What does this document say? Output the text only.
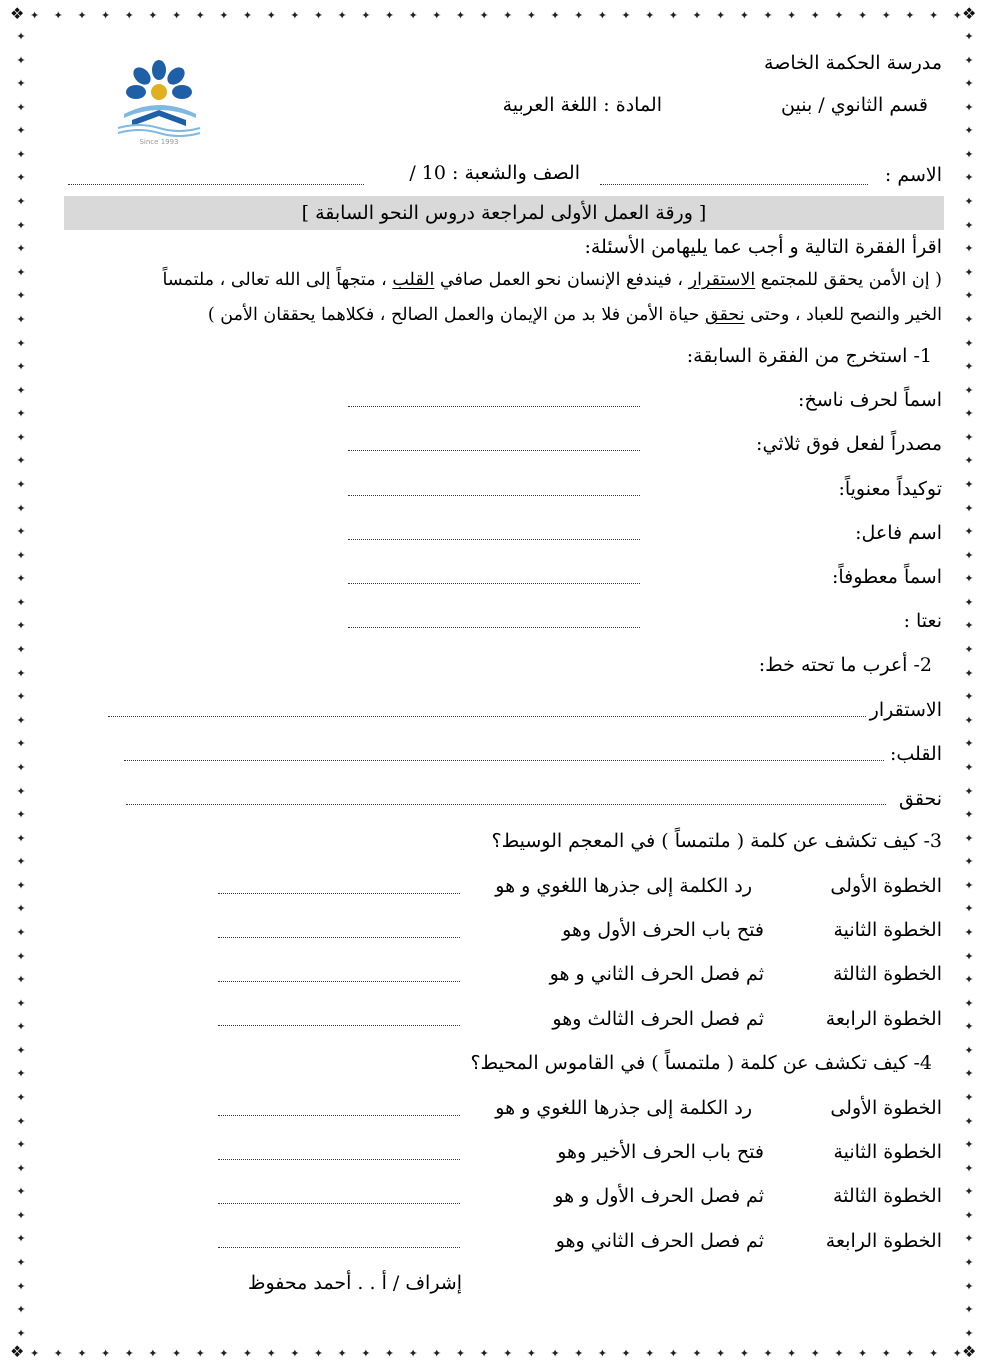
✦ ✦ ✦ ✦ ✦ ✦ ✦ ✦ ✦ ✦ ✦ ✦ ✦ ✦ ✦ ✦ ✦ ✦ ✦ ✦ ✦ ✦ ✦ ✦ ✦ ✦ ✦ ✦ ✦ ✦ ✦ ✦ ✦ ✦ ✦ ✦ ✦ ✦ ✦ ✦
✦ ✦ ✦ ✦ ✦ ✦ ✦ ✦ ✦ ✦ ✦ ✦ ✦ ✦ ✦ ✦ ✦ ✦ ✦ ✦ ✦ ✦ ✦ ✦ ✦ ✦ ✦ ✦ ✦ ✦ ✦ ✦ ✦ ✦ ✦ ✦ ✦ ✦ ✦ ✦
✦
✦
✦
✦
✦
✦
✦
✦
✦
✦
✦
✦
✦
✦
✦
✦
✦
✦
✦
✦
✦
✦
✦
✦
✦
✦
✦
✦
✦
✦
✦
✦
✦
✦
✦
✦
✦
✦
✦
✦
✦
✦
✦
✦
✦
✦
✦
✦
✦
✦
✦
✦
✦
✦
✦
✦
✦
✦
✦
✦
✦
✦
✦
✦
✦
✦
✦
✦
✦
✦
✦
✦
✦
✦
✦
✦
✦
✦
✦
✦
✦
✦
✦
✦
✦
✦
✦
✦
✦
✦
✦
✦
✦
✦
✦
✦
✦
✦
✦
✦
✦
✦
✦
✦
✦
✦
✦
✦
✦
✦
✦
✦
❖	❖
❖	❖
Since 1993
مدرسة الحكمة الخاصة
قسم الثانوي / بنين
المادة : اللغة العربية
الاسم :
الصف والشعبة : 10 /
[ ورقة العمل الأولى لمراجعة دروس النحو السابقة ]
اقرأ الفقرة التالية و أجب عما يليهامن الأسئلة:
( إن الأمن يحقق للمجتمع الاستقرار ، فيندفع الإنسان نحو العمل صافي القلب ، متجهاً إلى الله تعالى ، ملتمساً
الخير والنصح للعباد ، وحتى نحقق حياة الأمن فلا بد من الإيمان والعمل الصالح ، فكلاهما يحققان الأمن )
1- استخرج من الفقرة السابقة:
اسماً لحرف ناسخ:
مصدراً لفعل فوق ثلاثي:
توكيداً معنوياً:
اسم فاعل:
اسماً معطوفاً:
نعتا :
2- أعرب ما تحته خط:
الاستقرار
القلب:
نحقق
3- كيف تكشف عن كلمة ( ملتمساً ) في المعجم الوسيط؟
الخطوة الأولى
رد الكلمة إلى جذرها اللغوي و هو
الخطوة الثانية
فتح باب الحرف الأول وهو
الخطوة الثالثة
ثم فصل الحرف الثاني و هو
الخطوة الرابعة
ثم فصل الحرف الثالث وهو
4- كيف تكشف عن كلمة ( ملتمساً ) في القاموس المحيط؟
الخطوة الأولى
رد الكلمة إلى جذرها اللغوي و هو
الخطوة الثانية
فتح باب الحرف الأخير وهو
الخطوة الثالثة
ثم فصل الحرف الأول و هو
الخطوة الرابعة
ثم فصل الحرف الثاني وهو
إشراف / أ . . أحمد محفوظ
